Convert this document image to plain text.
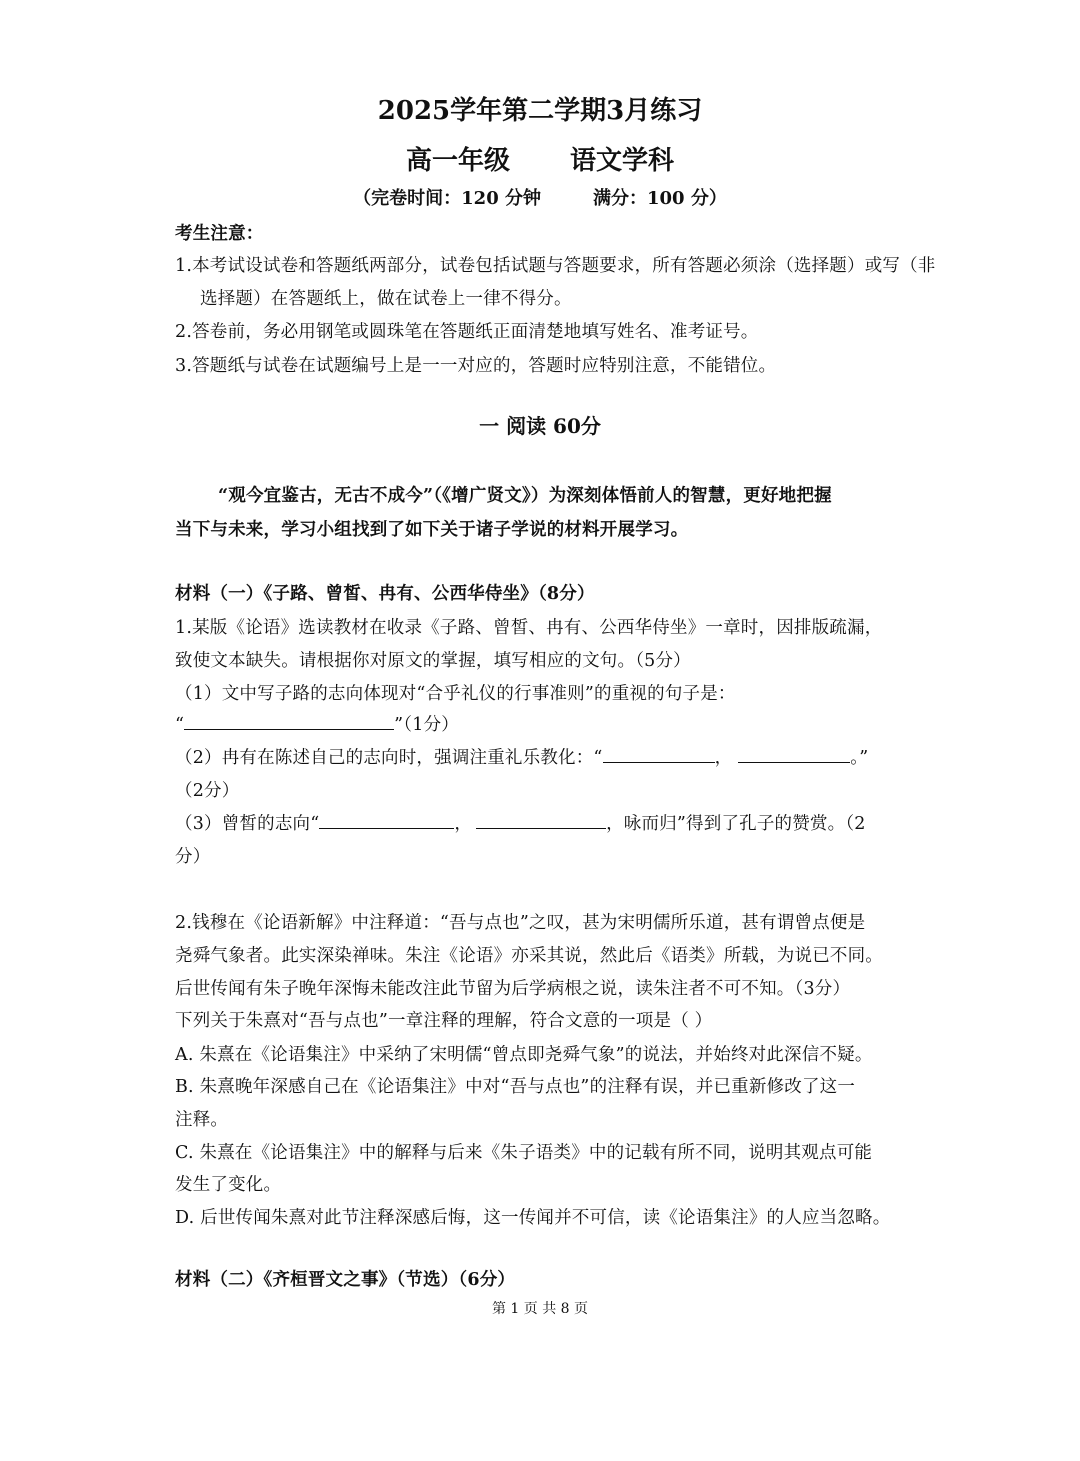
2025学年第二学期3月练习
高一年级 语文学科
（完卷时间：120 分钟	满分：100 分）
考生注意：
1.本考试设试卷和答题纸两部分，试卷包括试题与答题要求，所有答题必须涂（选择题）或写（非
选择题）在答题纸上，做在试卷上一律不得分。
2.答卷前，务必用钢笔或圆珠笔在答题纸正面清楚地填写姓名、准考证号。
3.答题纸与试卷在试题编号上是一一对应的，答题时应特别注意，不能错位。
一 阅读 60分
“观今宜鉴古，无古不成今”（《增广贤文》）为深刻体悟前人的智慧，更好地把握
当下与未来，学习小组找到了如下关于诸子学说的材料开展学习。
材料（一）《子路、曾皙、冉有、公西华侍坐》（8分）
1.某版《论语》选读教材在收录《子路、曾皙、冉有、公西华侍坐》一章时，因排版疏漏，
致使文本缺失。请根据你对原文的掌握，填写相应的文句。（5分）
（1）文中写子路的志向体现对“合乎礼仪的行事准则”的重视的句子是：
“	”（1分）
（2）冉有在陈述自己的志向时，强调注重礼乐教化：“	，	。”
（2分）
（3）曾皙的志向“	，	，咏而归”得到了孔子的赞赏。（2
分）
2.钱穆在《论语新解》中注释道：“吾与点也”之叹，甚为宋明儒所乐道，甚有谓曾点便是
尧舜气象者。此实深染禅味。朱注《论语》亦采其说，然此后《语类》所载，为说已不同。
后世传闻有朱子晚年深悔未能改注此节留为后学病根之说，读朱注者不可不知。（3分）
下列关于朱熹对“吾与点也”一章注释的理解，符合文意的一项是（ ）
A. 朱熹在《论语集注》中采纳了宋明儒“曾点即尧舜气象”的说法，并始终对此深信不疑。
B. 朱熹晚年深感自己在《论语集注》中对“吾与点也”的注释有误，并已重新修改了这一
注释。
C. 朱熹在《论语集注》中的解释与后来《朱子语类》中的记载有所不同，说明其观点可能
发生了变化。
D. 后世传闻朱熹对此节注释深感后悔，这一传闻并不可信，读《论语集注》的人应当忽略。
材料（二）《齐桓晋文之事》（节选）（6分）
第 1 页 共 8 页
